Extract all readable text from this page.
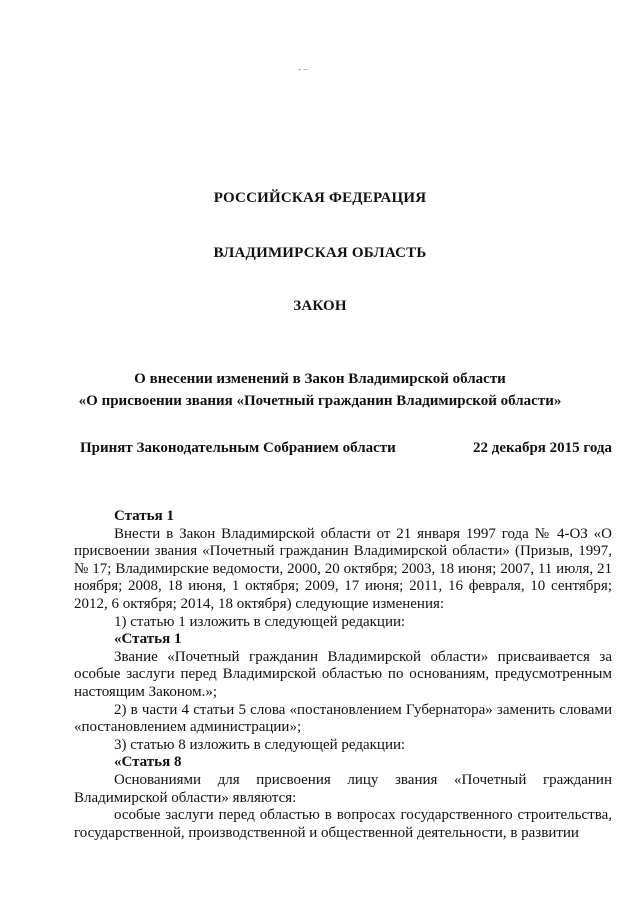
- –
РОССИЙСКАЯ ФЕДЕРАЦИЯ
ВЛАДИМИРСКАЯ ОБЛАСТЬ
ЗАКОН
О внесении изменений в Закон Владимирской области
«О присвоении звания «Почетный гражданин Владимирской области»
Принят Законодательным Собранием области	22 декабря 2015 года

Статья 1

Внести в Закон Владимирской области от 21 января 1997 года № 4-ОЗ «О присвоении звания «Почетный гражданин Владимирской области» (Призыв, 1997, № 17; Владимирские ведомости, 2000, 20 октября; 2003, 18 июня; 2007, 11 июля, 21 ноября; 2008, 18 июня, 1 октября; 2009, 17 июня; 2011, 16 февраля, 10 сентября; 2012, 6 октября; 2014, 18 октября) следующие изменения:

1) статью 1 изложить в следующей редакции:

«Статья 1

Звание «Почетный гражданин Владимирской области» присваивается за особые заслуги перед Владимирской областью по основаниям, предусмотренным настоящим Законом.»;

2) в части 4 статьи 5 слова «постановлением Губернатора» заменить словами «постановлением администрации»;

3) статью 8 изложить в следующей редакции:

«Статья 8

Основаниями для присвоения лицу звания «Почетный гражданин Владимирской области» являются:

особые заслуги перед областью в вопросах государственного строительства, государственной, производственной и общественной деятельности, в развитии
